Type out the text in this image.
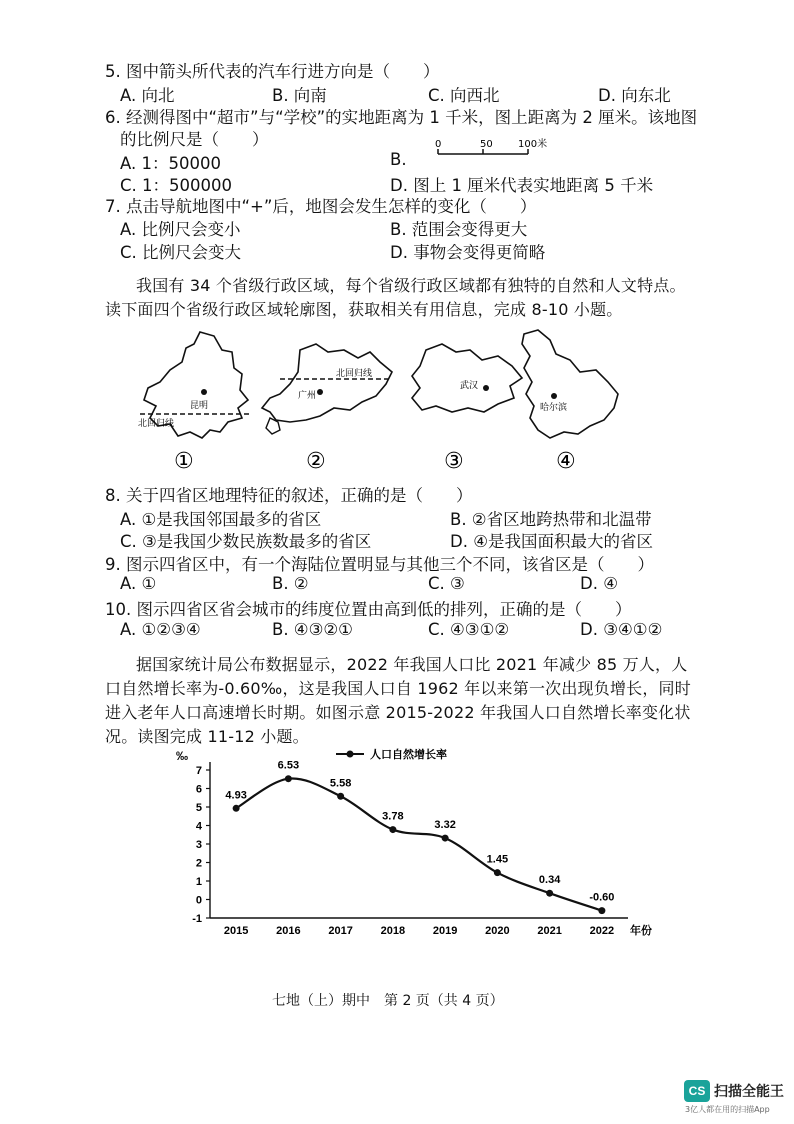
5. 图中箭头所代表的汽车行进方向是（　　）
A. 向北	B. 向南	C. 向西北	D. 向东北
6. 经测得图中“超市”与“学校”的实地距离为 1 千米，图上距离为 2 厘米。该地图
的比例尺是（　　）
A. 1：50000	B.
0	50	100米
C. 1：500000	D. 图上 1 厘米代表实地距离 5 千米
7. 点击导航地图中“+”后，地图会发生怎样的变化（　　）
A. 比例尺会变小	B. 范围会变得更大
C. 比例尺会变大	D. 事物会变得更简略
我国有 34 个省级行政区域，每个省级行政区域都有独特的自然和人文特点。
读下面四个省级行政区域轮廓图，获取相关有用信息，完成 8-10 小题。
昆明
北回归线
广州
北回归线
武汉
哈尔滨
①	②	③	④
8. 关于四省区地理特征的叙述，正确的是（　　）
A. ①是我国邻国最多的省区	B. ②省区地跨热带和北温带
C. ③是我国少数民族数最多的省区	D. ④是我国面积最大的省区
9. 图示四省区中，有一个海陆位置明显与其他三个不同，该省区是（　　）
A. ①	B. ②	C. ③	D. ④
10. 图示四省区省会城市的纬度位置由高到低的排列，正确的是（　　）
A. ①②③④	B. ④③②①	C. ④③①②	D. ③④①②
据国家统计局公布数据显示，2022 年我国人口比 2021 年减少 85 万人，人
口自然增长率为-0.60‰，这是我国人口自 1962 年以来第一次出现负增长，同时
进入老年人口高速增长时期。如图示意 2015-2022 年我国人口自然增长率变化状
况。读图完成 11-12 小题。
‰
-1
0
1
2
3
4
5
6
7
2015	2016	2017	2018	2019	2020	2021	2022 年份
人口自然增长率
4.93
6.53
5.58
3.78
3.32
1.45
0.34
-0.60
七地（上）期中　第 2 页（共 4 页）
CS 扫描全能王
3亿人都在用的扫描App
